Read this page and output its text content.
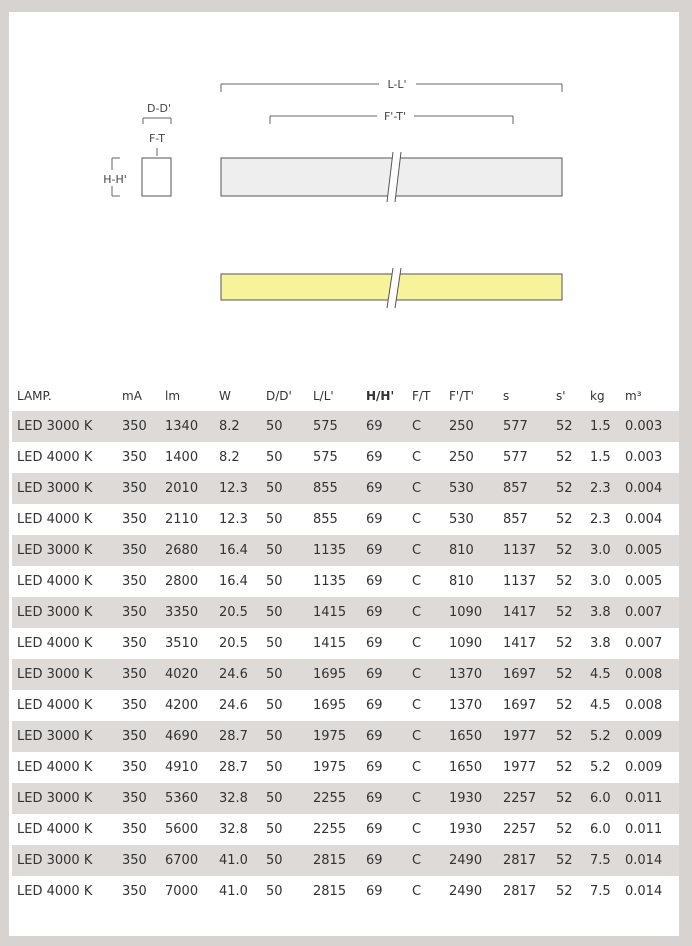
L-L'
F'-T'
D-D'
F-T
H-H'
LAMP.	mA	lm	W	D/D'	L/L'	H/H'	F/T	F'/T'	s	s'	kg	m³
LED 3000 K	350	1340	8.2	50	575	69	C	250	577	52	1.5	0.003
LED 4000 K	350	1400	8.2	50	575	69	C	250	577	52	1.5	0.003
LED 3000 K	350	2010	12.3	50	855	69	C	530	857	52	2.3	0.004
LED 4000 K	350	2110	12.3	50	855	69	C	530	857	52	2.3	0.004
LED 3000 K	350	2680	16.4	50	1135	69	C	810	1137	52	3.0	0.005
LED 4000 K	350	2800	16.4	50	1135	69	C	810	1137	52	3.0	0.005
LED 3000 K	350	3350	20.5	50	1415	69	C	1090	1417	52	3.8	0.007
LED 4000 K	350	3510	20.5	50	1415	69	C	1090	1417	52	3.8	0.007
LED 3000 K	350	4020	24.6	50	1695	69	C	1370	1697	52	4.5	0.008
LED 4000 K	350	4200	24.6	50	1695	69	C	1370	1697	52	4.5	0.008
LED 3000 K	350	4690	28.7	50	1975	69	C	1650	1977	52	5.2	0.009
LED 4000 K	350	4910	28.7	50	1975	69	C	1650	1977	52	5.2	0.009
LED 3000 K	350	5360	32.8	50	2255	69	C	1930	2257	52	6.0	0.011
LED 4000 K	350	5600	32.8	50	2255	69	C	1930	2257	52	6.0	0.011
LED 3000 K	350	6700	41.0	50	2815	69	C	2490	2817	52	7.5	0.014
LED 4000 K	350	7000	41.0	50	2815	69	C	2490	2817	52	7.5	0.014
